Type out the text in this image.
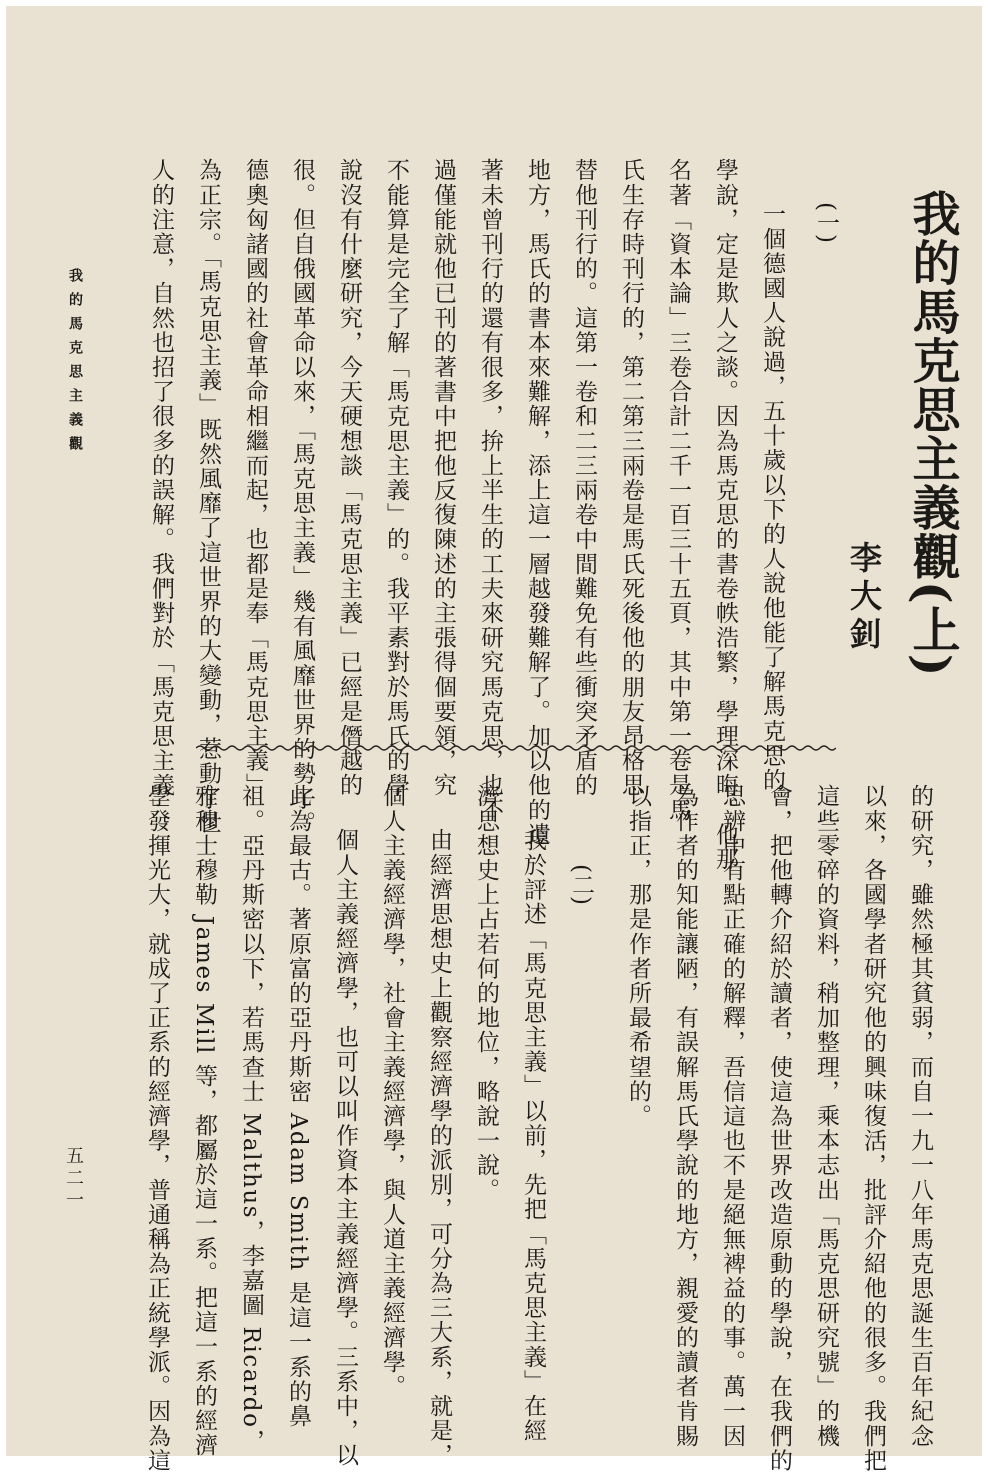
我的馬克思主義觀(上)
李大釗
(一)
一個德國人說過，五十歲以下的人說他能了解馬克思的
學說，定是欺人之談。因為馬克思的書卷帙浩繁，學理深晦。他那
名著「資本論」三卷合計二千一百三十五頁，其中第一卷是馬
氏生存時刊行的，第二第三兩卷是馬氏死後他的朋友昂格思
替他刊行的。這第一卷和二三兩卷中間難免有些衝突矛盾的
地方，馬氏的書本來難解，添上這一層越發難解了。加以他的遺
著未曾刊行的還有很多，拚上半生的工夫來研究馬克思，也不
過僅能就他已刊的著書中把他反復陳述的主張得個要領，究
不能算是完全了解「馬克思主義」的。我平素對於馬氏的學
說沒有什麼研究，今天硬想談「馬克思主義」已經是僭越的
很。但自俄國革命以來，「馬克思主義」幾有風靡世界的勢子。
德奧匈諸國的社會革命相繼而起，也都是奉「馬克思主義」
為正宗。「馬克思主義」既然風靡了這世界的大變動，惹動了世
人的注意，自然也招了很多的誤解。我們對於「馬克思主義」
的研究，雖然極其貧弱，而自一九一八年馬克思誕生百年紀念
以來，各國學者研究他的興味復活，批評介紹他的很多。我們把
這些零碎的資料，稍加整理，乘本志出「馬克思研究號」的機
會，把他轉介紹於讀者，使這為世界改造原動的學說，在我們的
思辨中有點正確的解釋，吾信這也不是絕無裨益的事。萬一因
為作者的知能讓陋，有誤解馬氏學說的地方，親愛的讀者肯賜
以指正，那是作者所最希望的。
(二)
我於評述「馬克思主義」以前，先把「馬克思主義」在經
濟思想史上占若何的地位，略說一說。
由經濟思想史上觀察經濟學的派別，可分為三大系，就是，
個人主義經濟學，社會主義經濟學，與人道主義經濟學。
個人主義經濟學，也可以叫作資本主義經濟學。三系中，以
此為最古。著原富的亞丹斯密 Adam Smith 是這一系的鼻
祖。亞丹斯密以下，若馬查士 Malthus，李嘉圖 Ricardo，
雅穆士穆勒 James Mill 等，都屬於這一系。把這一系的經濟
學發揮光大，就成了正系的經濟學，普通稱為正統學派。因為這
我的馬克思主義觀
五二一
